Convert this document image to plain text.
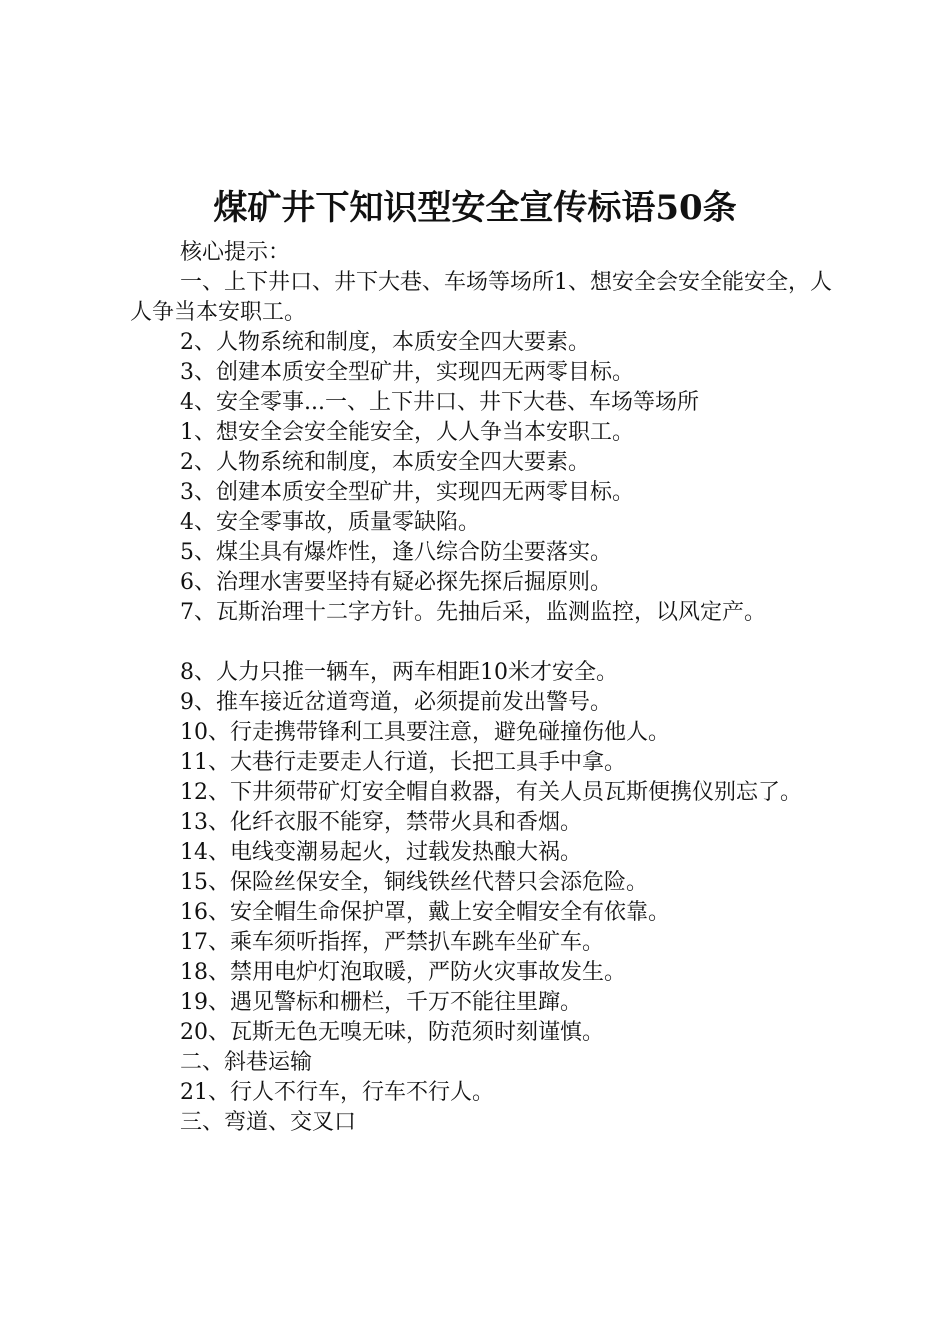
煤矿井下知识型安全宣传标语50条

核心提示：

一、上下井口、井下大巷、车场等场所1、想安全会安全能安全，人人争当本安职工。

2、人物系统和制度，本质安全四大要素。

3、创建本质安全型矿井，实现四无两零目标。

4、安全零事...一、上下井口、井下大巷、车场等场所

1、想安全会安全能安全，人人争当本安职工。

2、人物系统和制度，本质安全四大要素。

3、创建本质安全型矿井，实现四无两零目标。

4、安全零事故，质量零缺陷。

5、煤尘具有爆炸性，逢八综合防尘要落实。

6、治理水害要坚持有疑必探先探后掘原则。

7、瓦斯治理十二字方针。先抽后采，监测监控，以风定产。

8、人力只推一辆车，两车相距10米才安全。

9、推车接近岔道弯道，必须提前发出警号。

10、行走携带锋利工具要注意，避免碰撞伤他人。

11、大巷行走要走人行道，长把工具手中拿。

12、下井须带矿灯安全帽自救器，有关人员瓦斯便携仪别忘了。

13、化纤衣服不能穿，禁带火具和香烟。

14、电线变潮易起火，过载发热酿大祸。

15、保险丝保安全，铜线铁丝代替只会添危险。

16、安全帽生命保护罩，戴上安全帽安全有依靠。

17、乘车须听指挥，严禁扒车跳车坐矿车。

18、禁用电炉灯泡取暖，严防火灾事故发生。

19、遇见警标和栅栏，千万不能往里蹿。

20、瓦斯无色无嗅无味，防范须时刻谨慎。

二、斜巷运输

21、行人不行车，行车不行人。

三、弯道、交叉口
